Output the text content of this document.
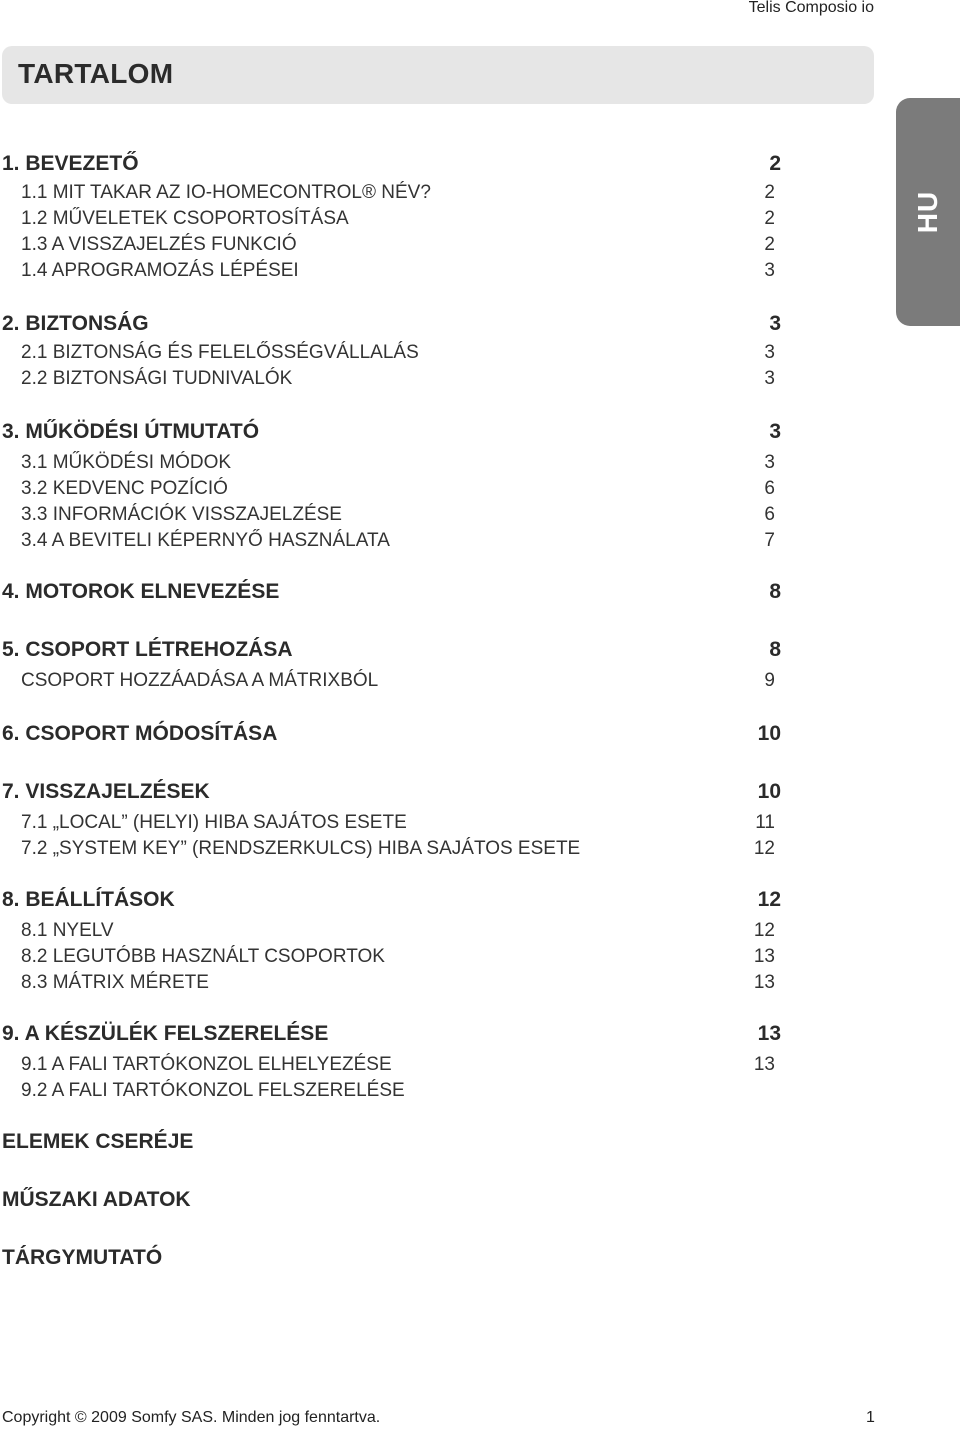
Telis Composio io
TARTALOM
HU
1. BEVEZETŐ	2
1.1 MIT TAKAR AZ IO-HOMECONTROL® NÉV?	2
1.2 MŰVELETEK CSOPORTOSÍTÁSA	2
1.3 A VISSZAJELZÉS FUNKCIÓ	2
1.4 APROGRAMOZÁS LÉPÉSEI	3
2. BIZTONSÁG	3
2.1 BIZTONSÁG ÉS FELELŐSSÉGVÁLLALÁS	3
2.2 BIZTONSÁGI TUDNIVALÓK	3
3. MŰKÖDÉSI ÚTMUTATÓ	3
3.1 MŰKÖDÉSI MÓDOK	3
3.2 KEDVENC POZÍCIÓ	6
3.3 INFORMÁCIÓK VISSZAJELZÉSE	6
3.4 A BEVITELI KÉPERNYŐ HASZNÁLATA	7
4. MOTOROK ELNEVEZÉSE	8
5. CSOPORT LÉTREHOZÁSA	8
CSOPORT HOZZÁADÁSA A MÁTRIXBÓL	9
6. CSOPORT MÓDOSÍTÁSA	10
7. VISSZAJELZÉSEK	10
7.1 „LOCAL” (HELYI) HIBA SAJÁTOS ESETE	11
7.2 „SYSTEM KEY” (RENDSZERKULCS) HIBA SAJÁTOS ESETE	12
8. BEÁLLÍTÁSOK	12
8.1 NYELV	12
8.2 LEGUTÓBB HASZNÁLT CSOPORTOK	13
8.3 MÁTRIX MÉRETE	13
9. A KÉSZÜLÉK FELSZERELÉSE	13
9.1 A FALI TARTÓKONZOL ELHELYEZÉSE	13
9.2 A FALI TARTÓKONZOL FELSZERELÉSE
ELEMEK CSERÉJE
MŰSZAKI ADATOK
TÁRGYMUTATÓ
Copyright © 2009 Somfy SAS. Minden jog fenntartva.	1
